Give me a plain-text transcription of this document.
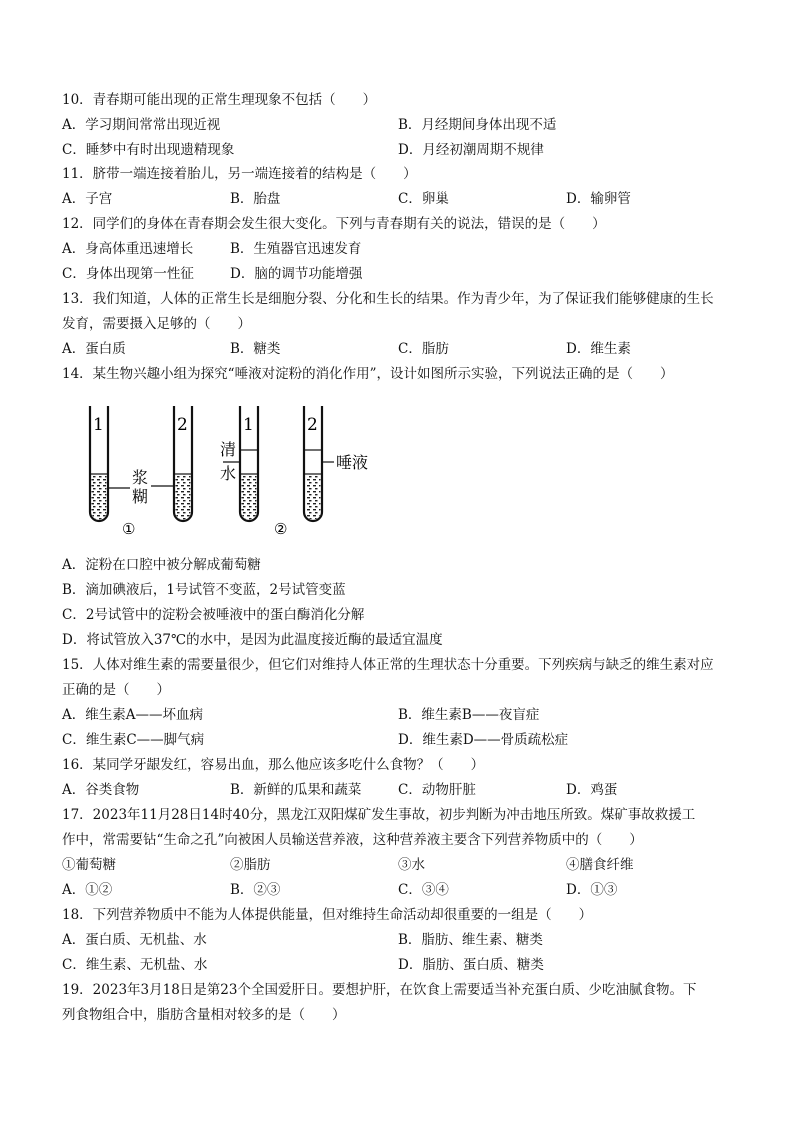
10．青春期可能出现的正常生理现象不包括（　　）
A．学习期间常常出现近视	B．月经期间身体出现不适
C．睡梦中有时出现遗精现象	D．月经初潮周期不规律
11．脐带一端连接着胎儿，另一端连接着的结构是（　　）
A．子宫	B．胎盘	C．卵巢	D．输卵管
12．同学们的身体在青春期会发生很大变化。下列与青春期有关的说法，错误的是（　　）
A．身高体重迅速增长	B．生殖器官迅速发育
C．身体出现第一性征	D．脑的调节功能增强
13．我们知道，人体的正常生长是细胞分裂、分化和生长的结果。作为青少年，为了保证我们能够健康的生长
发育，需要摄入足够的（　　）
A．蛋白质	B．糖类	C．脂肪	D．维生素
14．某生物兴趣小组为探究“唾液对淀粉的消化作用”，设计如图所示实验，下列说法正确的是（　　）
1	2
浆
糊
①
1
清
水
2
唾液
②
A．淀粉在口腔中被分解成葡萄糖
B．滴加碘液后，1号试管不变蓝，2号试管变蓝
C．2号试管中的淀粉会被唾液中的蛋白酶消化分解
D．将试管放入37℃的水中，是因为此温度接近酶的最适宜温度
15．人体对维生素的需要量很少，但它们对维持人体正常的生理状态十分重要。下列疾病与缺乏的维生素对应
正确的是（　　）
A．维生素A——坏血病	B．维生素B——夜盲症
C．维生素C——脚气病	D．维生素D——骨质疏松症
16．某同学牙龈发红，容易出血，那么他应该多吃什么食物？（　　）
A．谷类食物	B．新鲜的瓜果和蔬菜	C．动物肝脏	D．鸡蛋
17．2023年11月28日14时40分，黑龙江双阳煤矿发生事故，初步判断为冲击地压所致。煤矿事故救援工
作中，常需要钻“生命之孔”向被困人员输送营养液，这种营养液主要含下列营养物质中的（　　）
①葡萄糖	②脂肪	③水	④膳食纤维
A．①②	B．②③	C．③④	D．①③
18．下列营养物质中不能为人体提供能量，但对维持生命活动却很重要的一组是（　　）
A．蛋白质、无机盐、水	B．脂肪、维生素、糖类
C．维生素、无机盐、水	D．脂肪、蛋白质、糖类
19．2023年3月18日是第23个全国爱肝日。要想护肝，在饮食上需要适当补充蛋白质、少吃油腻食物。下
列食物组合中，脂肪含量相对较多的是（　　）
